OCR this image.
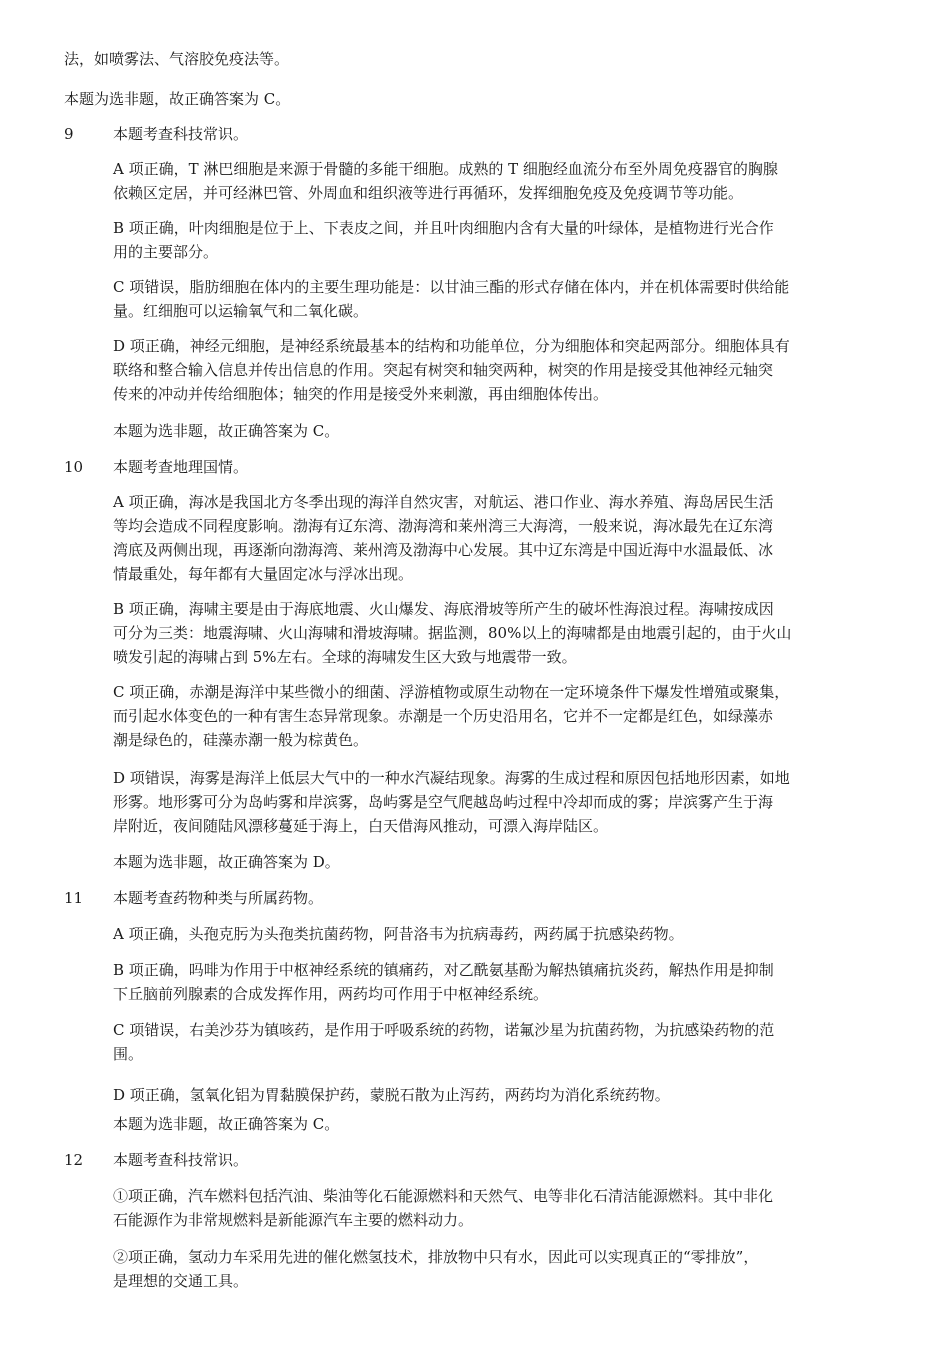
法，如喷雾法、气溶胶免疫法等。
本题为选非题，故正确答案为 C。
9	本题考查科技常识。
A 项正确，T 淋巴细胞是来源于骨髓的多能干细胞。成熟的 T 细胞经血流分布至外周免疫器官的胸腺
依赖区定居，并可经淋巴管、外周血和组织液等进行再循环，发挥细胞免疫及免疫调节等功能。
B 项正确，叶肉细胞是位于上、下表皮之间，并且叶肉细胞内含有大量的叶绿体，是植物进行光合作
用的主要部分。
C 项错误，脂肪细胞在体内的主要生理功能是：以甘油三酯的形式存储在体内，并在机体需要时供给能
量。红细胞可以运输氧气和二氧化碳。
D 项正确，神经元细胞，是神经系统最基本的结构和功能单位，分为细胞体和突起两部分。细胞体具有
联络和整合输入信息并传出信息的作用。突起有树突和轴突两种，树突的作用是接受其他神经元轴突
传来的冲动并传给细胞体；轴突的作用是接受外来刺激，再由细胞体传出。
本题为选非题，故正确答案为 C。
10 本题考查地理国情。
A 项正确，海冰是我国北方冬季出现的海洋自然灾害，对航运、港口作业、海水养殖、海岛居民生活
等均会造成不同程度影响。渤海有辽东湾、渤海湾和莱州湾三大海湾，一般来说，海冰最先在辽东湾
湾底及两侧出现，再逐渐向渤海湾、莱州湾及渤海中心发展。其中辽东湾是中国近海中水温最低、冰
情最重处，每年都有大量固定冰与浮冰出现。
B 项正确，海啸主要是由于海底地震、火山爆发、海底滑坡等所产生的破坏性海浪过程。海啸按成因
可分为三类：地震海啸、火山海啸和滑坡海啸。据监测，80%以上的海啸都是由地震引起的，由于火山
喷发引起的海啸占到 5%左右。全球的海啸发生区大致与地震带一致。
C 项正确，赤潮是海洋中某些微小的细菌、浮游植物或原生动物在一定环境条件下爆发性增殖或聚集，
而引起水体变色的一种有害生态异常现象。赤潮是一个历史沿用名，它并不一定都是红色，如绿藻赤
潮是绿色的，硅藻赤潮一般为棕黄色。
D 项错误，海雾是海洋上低层大气中的一种水汽凝结现象。海雾的生成过程和原因包括地形因素，如地
形雾。地形雾可分为岛屿雾和岸滨雾，岛屿雾是空气爬越岛屿过程中冷却而成的雾；岸滨雾产生于海
岸附近，夜间随陆风漂移蔓延于海上，白天借海风推动，可漂入海岸陆区。
本题为选非题，故正确答案为 D。
11 本题考查药物种类与所属药物。
A 项正确，头孢克肟为头孢类抗菌药物，阿昔洛韦为抗病毒药，两药属于抗感染药物。
B 项正确，吗啡为作用于中枢神经系统的镇痛药，对乙酰氨基酚为解热镇痛抗炎药，解热作用是抑制
下丘脑前列腺素的合成发挥作用，两药均可作用于中枢神经系统。
C 项错误，右美沙芬为镇咳药，是作用于呼吸系统的药物，诺氟沙星为抗菌药物，为抗感染药物的范
围。
D 项正确，氢氧化铝为胃黏膜保护药，蒙脱石散为止泻药，两药均为消化系统药物。
本题为选非题，故正确答案为 C。
12 本题考查科技常识。
①项正确，汽车燃料包括汽油、柴油等化石能源燃料和天然气、电等非化石清洁能源燃料。其中非化
石能源作为非常规燃料是新能源汽车主要的燃料动力。
②项正确，氢动力车采用先进的催化燃氢技术，排放物中只有水，因此可以实现真正的“零排放”，
是理想的交通工具。
